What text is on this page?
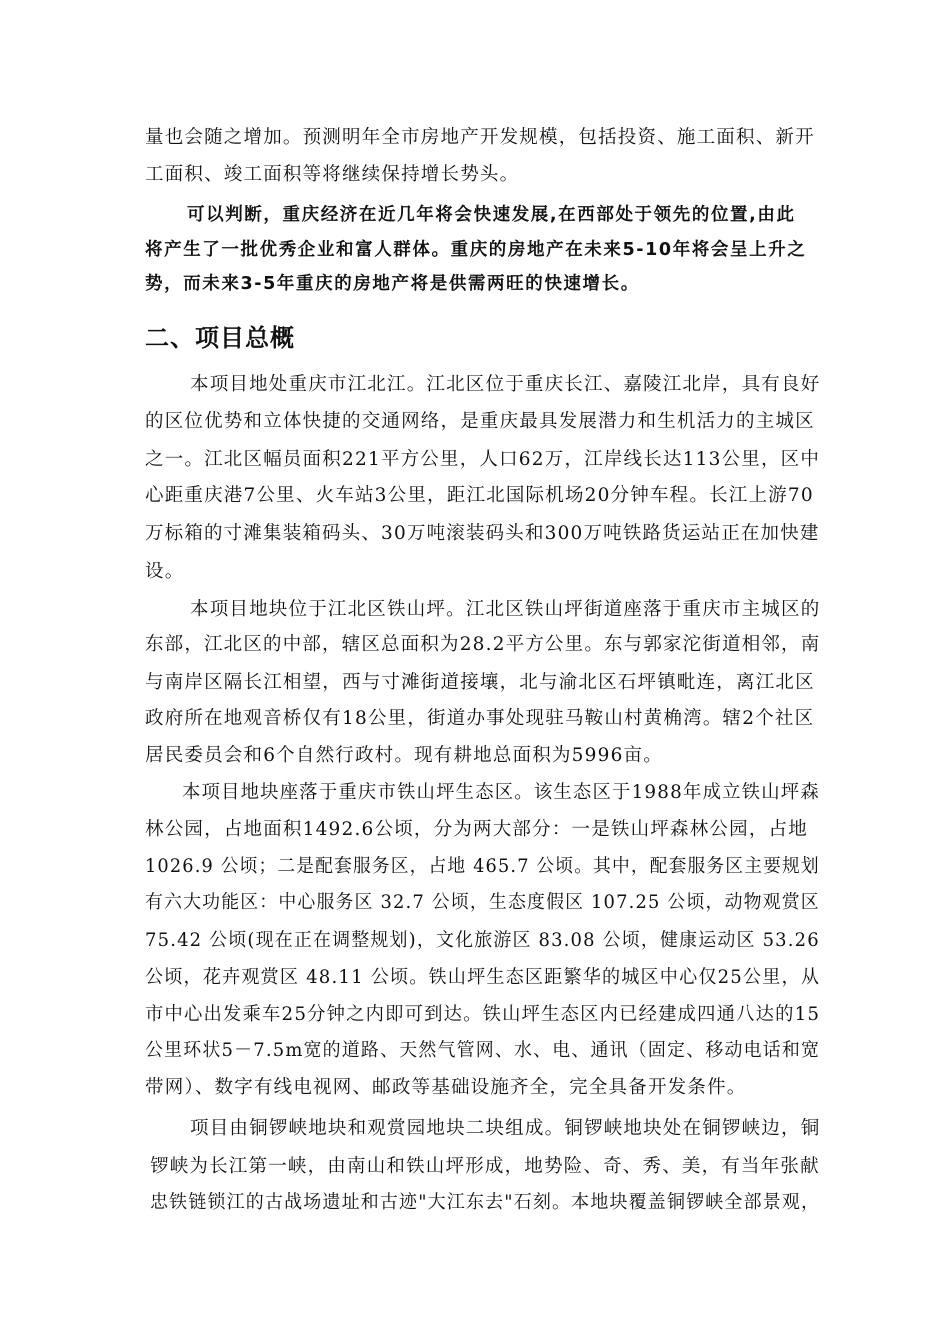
量也会随之增加。预测明年全市房地产开发规模，包括投资、施工面积、新开
工面积、竣工面积等将继续保持增长势头。
可以判断，重庆经济在近几年将会快速发展,在西部处于领先的位置,由此
将产生了一批优秀企业和富人群体。重庆的房地产在未来5-10年将会呈上升之
势，而未来3-5年重庆的房地产将是供需两旺的快速增长。
二、项目总概
本项目地处重庆市江北江。江北区位于重庆长江、嘉陵江北岸，具有良好
的区位优势和立体快捷的交通网络，是重庆最具发展潜力和生机活力的主城区
之一。江北区幅员面积221平方公里，人口62万，江岸线长达113公里，区中
心距重庆港7公里、火车站3公里，距江北国际机场20分钟车程。长江上游70
万标箱的寸滩集装箱码头、30万吨滚装码头和300万吨铁路货运站正在加快建
设。
本项目地块位于江北区铁山坪。江北区铁山坪街道座落于重庆市主城区的
东部，江北区的中部，辖区总面积为28.2平方公里。东与郭家沱街道相邻，南
与南岸区隔长江相望，西与寸滩街道接壤，北与渝北区石坪镇毗连，离江北区
政府所在地观音桥仅有18公里，街道办事处现驻马鞍山村黄桷湾。辖2个社区
居民委员会和6个自然行政村。现有耕地总面积为5996亩。
本项目地块座落于重庆市铁山坪生态区。该生态区于1988年成立铁山坪森
林公园，占地面积1492.6公顷，分为两大部分：一是铁山坪森林公园，占地
1026.9 公顷；二是配套服务区，占地 465.7 公顷。其中，配套服务区主要规划
有六大功能区：中心服务区 32.7 公顷，生态度假区 107.25 公顷，动物观赏区
75.42 公顷(现在正在调整规划)，文化旅游区 83.08 公顷，健康运动区 53.26
公顷，花卉观赏区 48.11 公顷。铁山坪生态区距繁华的城区中心仅25公里，从
市中心出发乘车25分钟之内即可到达。铁山坪生态区内已经建成四通八达的15
公里环状5－7.5m宽的道路、天然气管网、水、电、通讯（固定、移动电话和宽
带网）、数字有线电视网、邮政等基础设施齐全，完全具备开发条件。
项目由铜锣峡地块和观赏园地块二块组成。铜锣峡地块处在铜锣峡边，铜
锣峡为长江第一峡，由南山和铁山坪形成，地势险、奇、秀、美，有当年张献
忠铁链锁江的古战场遗址和古迹"大江东去"石刻。本地块覆盖铜锣峡全部景观，
